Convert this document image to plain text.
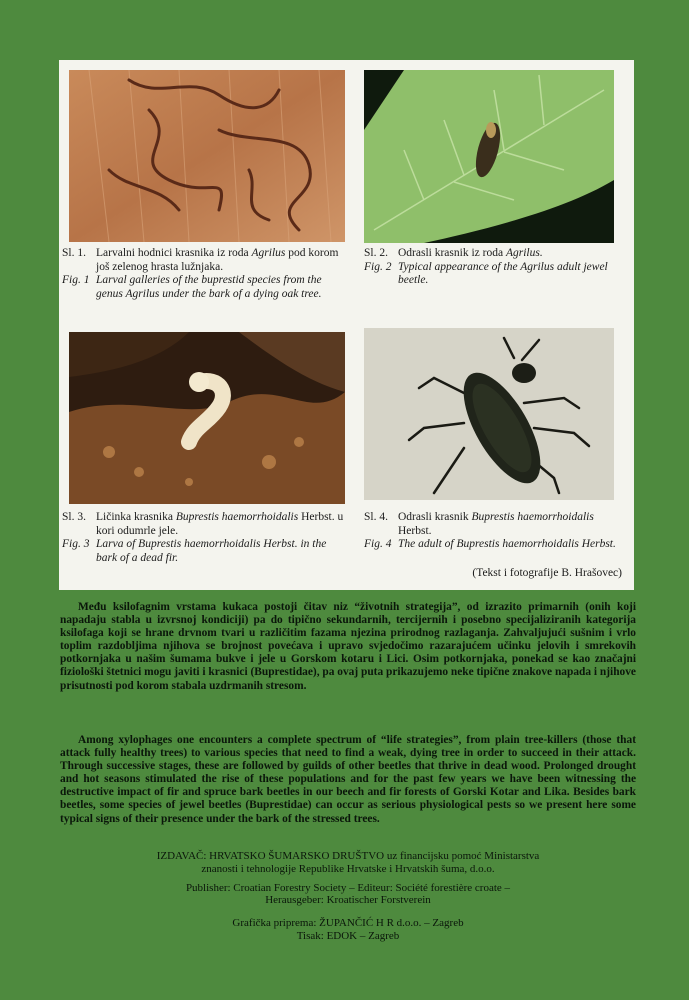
Sl. 1. Larvalni hodnici krasnika iz roda Agrilus pod korom još zelenog hrasta lužnjaka.
Fig. 1 Larval galleries of the buprestid species from the genus Agrilus under the bark of a dying oak tree.
Sl. 2. Odrasli krasnik iz roda Agrilus.
Fig. 2 Typical appearance of the Agrilus adult jewel beetle.
Sl. 3. Ličinka krasnika Buprestis haemorrhoidalis Herbst. u kori odumrle jele.
Fig. 3 Larva of Buprestis haemorrhoidalis Herbst. in the bark of a dead fir.
Sl. 4. Odrasli krasnik Buprestis haemorrhoidalis Herbst.
Fig. 4 The adult of Buprestis haemorrhoidalis Herbst.
(Tekst i fotografije B. Hrašovec)

Među ksilofagnim vrstama kukaca postoji čitav niz “životnih strategija”, od izrazito primarnih (onih koji napadaju stabla u izvrsnoj kondiciji) pa do tipično sekundarnih, tercijernih i posebno specijaliziranih kategorija ksilofaga koji se hrane drvnom tvari u različitim fazama njezina prirodnog razlaganja. Zahvaljujući sušnim i vrlo toplim razdobljima njihova se brojnost povećava i upravo svjedočimo razarajućem učinku jelovih i smrekovih potkornjaka u našim šumama bukve i jele u Gorskom kotaru i Lici. Osim potkornjaka, ponekad se kao značajni fiziološki štetnici mogu javiti i krasnici (Buprestidae), pa ovaj puta prikazujemo neke tipične znakove napada i njihove prisutnosti pod korom stabala uzdrmanih stresom.

Among xylophages one encounters a complete spectrum of “life strategies”, from plain tree-killers (those that attack fully healthy trees) to various species that need to find a weak, dying tree in order to succeed in their attack. Through successive stages, these are followed by guilds of other beetles that thrive in dead wood. Prolonged drought and hot seasons stimulated the rise of these populations and for the past few years we have been witnessing the destructive impact of fir and spruce bark beetles in our beech and fir forests of Gorski Kotar and Lika. Besides bark beetles, some species of jewel beetles (Buprestidae) can occur as serious physiological pests so we present here some typical signs of their presence under the bark of the stressed trees.

IZDAVAČ: HRVATSKO ŠUMARSKO DRUŠTVO uz financijsku pomoć Ministarstva
znanosti i tehnologije Republike Hrvatske i Hrvatskih šuma, d.o.o.
Publisher: Croatian Forestry Society – Editeur: Société forestière croate –
Herausgeber: Kroatischer Forstverein
Grafička priprema: ŽUPANČIĆ H R d.o.o. – Zagreb
Tisak: EDOK – Zagreb
